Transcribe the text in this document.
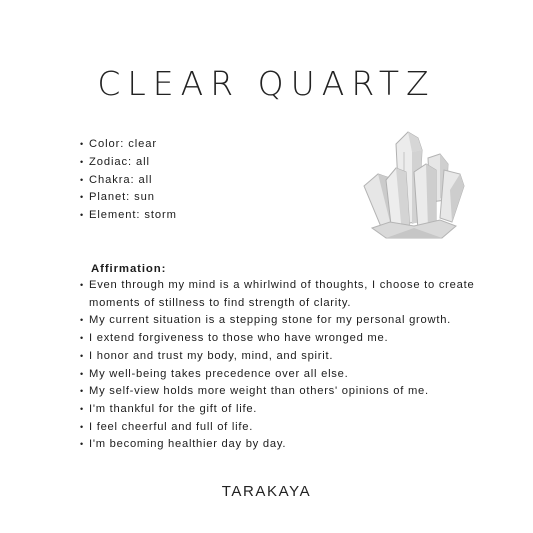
CLEAR QUARTZ
• Color: clear
• Zodiac: all
• Chakra: all
• Planet: sun
• Element: storm
Affirmation:
• Even through my mind is a whirlwind of thoughts, I choose to create moments of stillness to find strength of clarity.
• My current situation is a stepping stone for my personal growth.
• I extend forgiveness to those who have wronged me.
• I honor and trust my body, mind, and spirit.
• My well-being takes precedence over all else.
• My self-view holds more weight than others' opinions of me.
• I'm thankful for the gift of life.
• I feel cheerful and full of life.
• I'm becoming healthier day by day.
TARAKAYA
